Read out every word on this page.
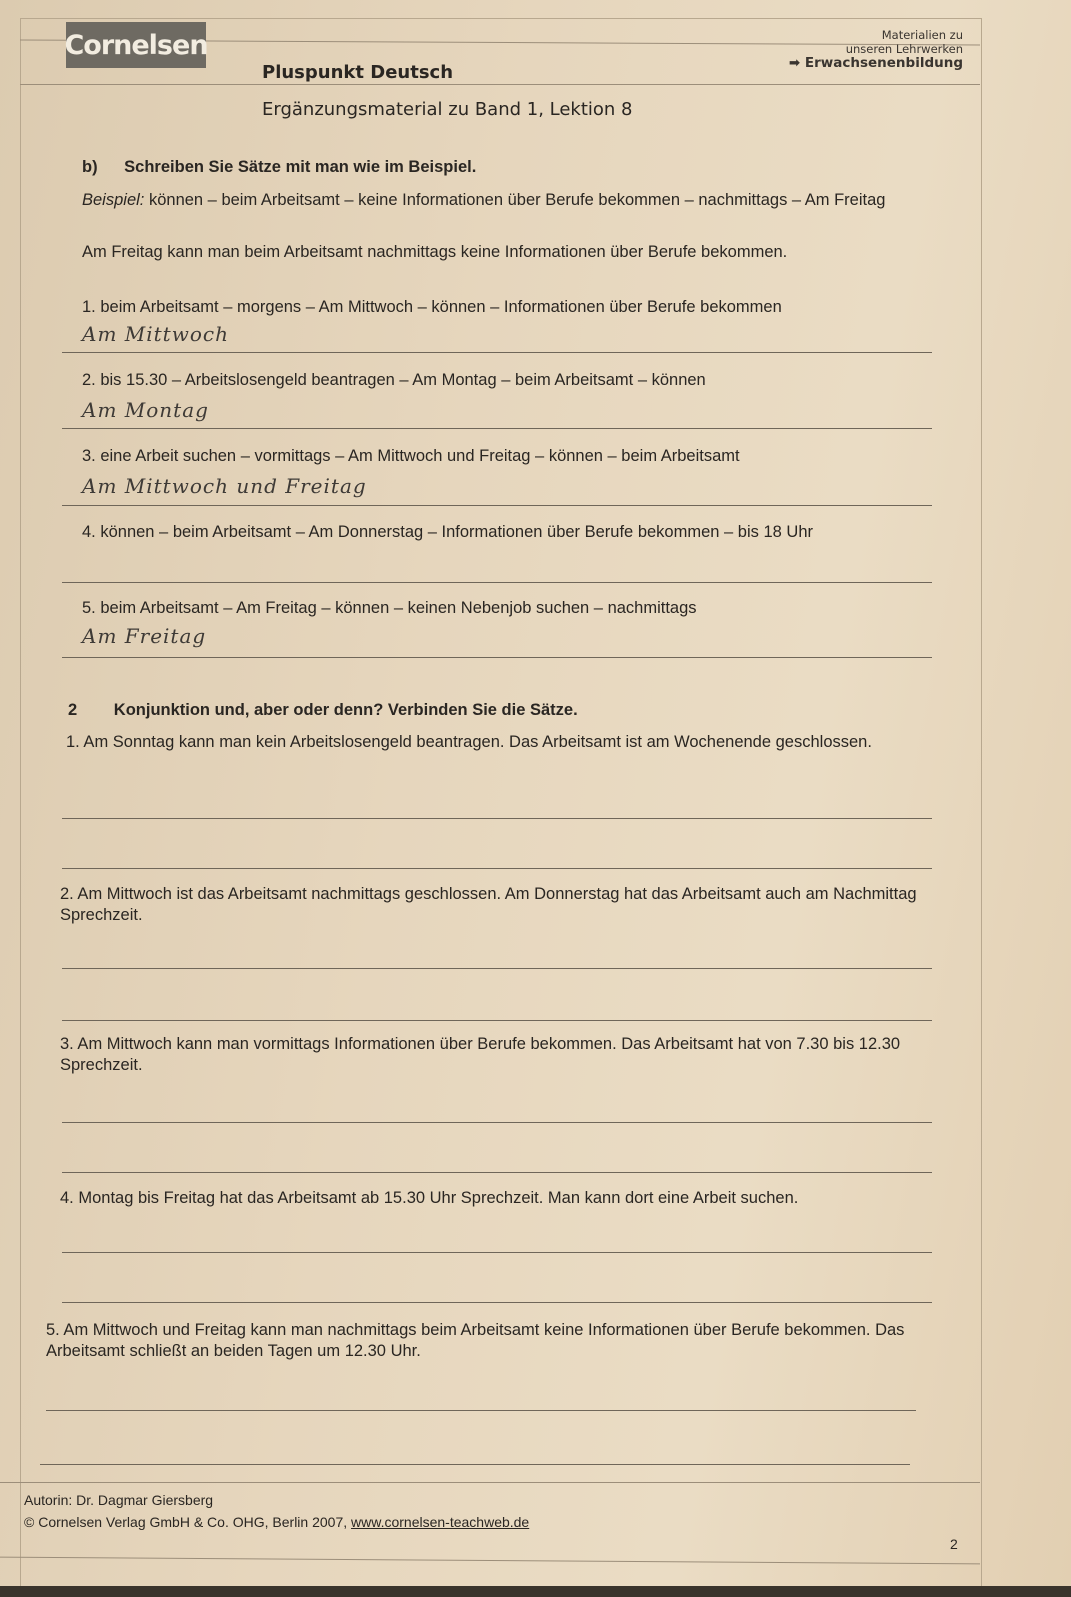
Cornelsen
Pluspunkt Deutsch
Ergänzungsmaterial zu Band 1, Lektion 8
Materialien zu
unseren Lehrwerken
➡ Erwachsenenbildung
b) Schreiben Sie Sätze mit man wie im Beispiel.
Beispiel: können – beim Arbeitsamt – keine Informationen über Berufe bekommen – nachmittags – Am Freitag
Am Freitag kann man beim Arbeitsamt nachmittags keine Informationen über Berufe bekommen.
1. beim Arbeitsamt – morgens – Am Mittwoch – können – Informationen über Berufe bekommen
Am Mittwoch
2. bis 15.30 – Arbeitslosengeld beantragen – Am Montag – beim Arbeitsamt – können
Am Montag
3. eine Arbeit suchen – vormittags – Am Mittwoch und Freitag – können – beim Arbeitsamt
Am Mittwoch und Freitag
4. können – beim Arbeitsamt – Am Donnerstag – Informationen über Berufe bekommen – bis 18 Uhr
5. beim Arbeitsamt – Am Freitag – können – keinen Nebenjob suchen – nachmittags
Am Freitag
2 Konjunktion und, aber oder denn? Verbinden Sie die Sätze.
1. Am Sonntag kann man kein Arbeitslosengeld beantragen. Das Arbeitsamt ist am Wochenende geschlossen.
2. Am Mittwoch ist das Arbeitsamt nachmittags geschlossen. Am Donnerstag hat das Arbeitsamt auch am Nachmittag Sprechzeit.
3. Am Mittwoch kann man vormittags Informationen über Berufe bekommen. Das Arbeitsamt hat von 7.30 bis 12.30 Sprechzeit.
4. Montag bis Freitag hat das Arbeitsamt ab 15.30 Uhr Sprechzeit. Man kann dort eine Arbeit suchen.
5. Am Mittwoch und Freitag kann man nachmittags beim Arbeitsamt keine Informationen über Berufe bekommen. Das Arbeitsamt schließt an beiden Tagen um 12.30 Uhr.
Autorin: Dr. Dagmar Giersberg
© Cornelsen Verlag GmbH & Co. OHG, Berlin 2007, www.cornelsen-teachweb.de
2
